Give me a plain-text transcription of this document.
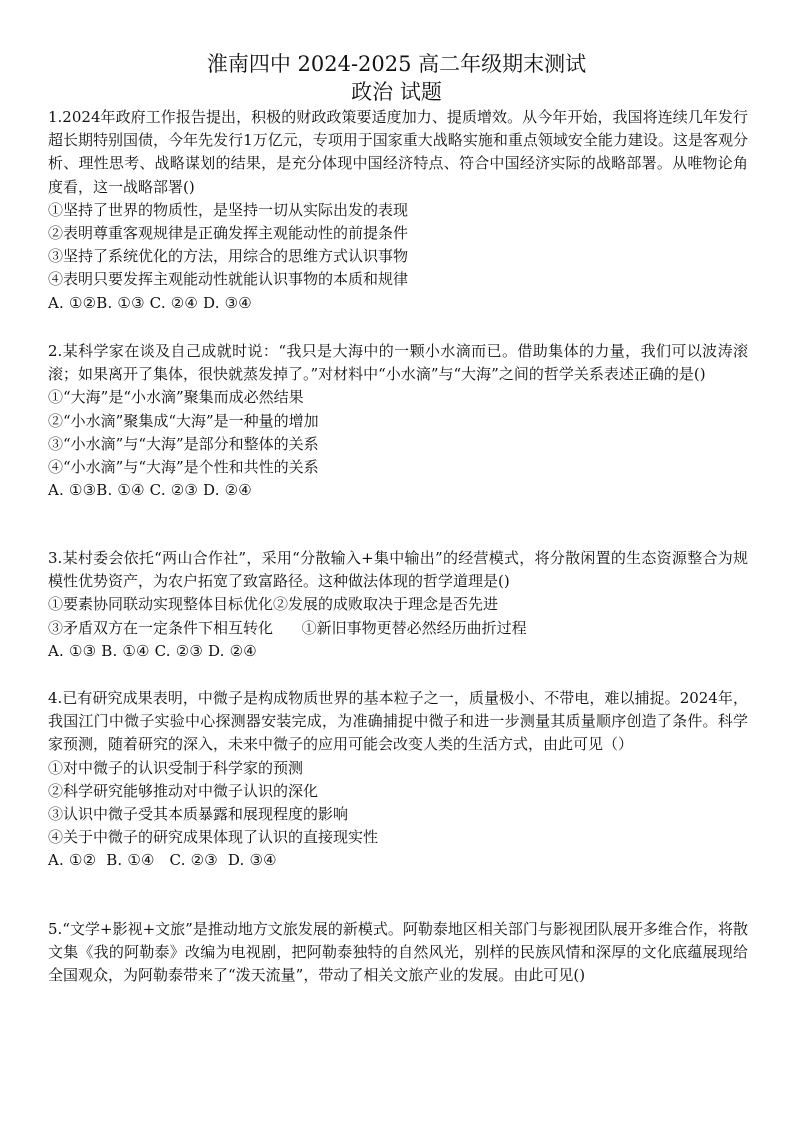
淮南四中 2024-2025 高二年级期末测试
政治 试题

1.2024年政府工作报告提出，积极的财政政策要适度加力、提质增效。从今年开始，我国将连续几年发行超长期特别国债，今年先发行1万亿元，专项用于国家重大战略实施和重点领域安全能力建设。这是客观分析、理性思考、战略谋划的结果，是充分体现中国经济特点、符合中国经济实际的战略部署。从唯物论角度看，这一战略部署()

①坚持了世界的物质性，是坚持一切从实际出发的表现

②表明尊重客观规律是正确发挥主观能动性的前提条件

③坚持了系统优化的方法，用综合的思维方式认识事物

④表明只要发挥主观能动性就能认识事物的本质和规律

A. ①②B. ①③ C. ②④ D. ③④

2.某科学家在谈及自己成就时说：“我只是大海中的一颗小水滴而已。借助集体的力量，我们可以波涛滚滚；如果离开了集体，很快就蒸发掉了。”对材料中“小水滴”与“大海”之间的哲学关系表述正确的是()

①“大海”是“小水滴”聚集而成必然结果

②“小水滴”聚集成“大海”是一种量的增加

③“小水滴”与“大海”是部分和整体的关系

④“小水滴”与“大海”是个性和共性的关系

A. ①③B. ①④ C. ②③ D. ②④

3.某村委会依托“两山合作社”，采用“分散输入+集中输出”的经营模式，将分散闲置的生态资源整合为规模性优势资产，为农户拓宽了致富路径。这种做法体现的哲学道理是()

①要素协同联动实现整体目标优化②发展的成败取决于理念是否先进

③矛盾双方在一定条件下相互转化      ①新旧事物更替必然经历曲折过程

A. ①③ B. ①④ C. ②③ D. ②④

4.已有研究成果表明，中微子是构成物质世界的基本粒子之一，质量极小、不带电，难以捕捉。2024年，我国江门中微子实验中心探测器安装完成，为准确捕捉中微子和进一步测量其质量顺序创造了条件。科学家预测，随着研究的深入，未来中微子的应用可能会改变人类的生活方式，由此可见（）

①对中微子的认识受制于科学家的预测

②科学研究能够推动对中微子认识的深化

③认识中微子受其本质暴露和展现程度的影响

④关于中微子的研究成果体现了认识的直接现实性

A. ①②  B. ①④   C. ②③  D. ③④

5.“文学+影视+文旅”是推动地方文旅发展的新模式。阿勒泰地区相关部门与影视团队展开多维合作，将散文集《我的阿勒泰》改编为电视剧，把阿勒泰独特的自然风光，别样的民族风情和深厚的文化底蕴展现给全国观众，为阿勒泰带来了“泼天流量”，带动了相关文旅产业的发展。由此可见()
